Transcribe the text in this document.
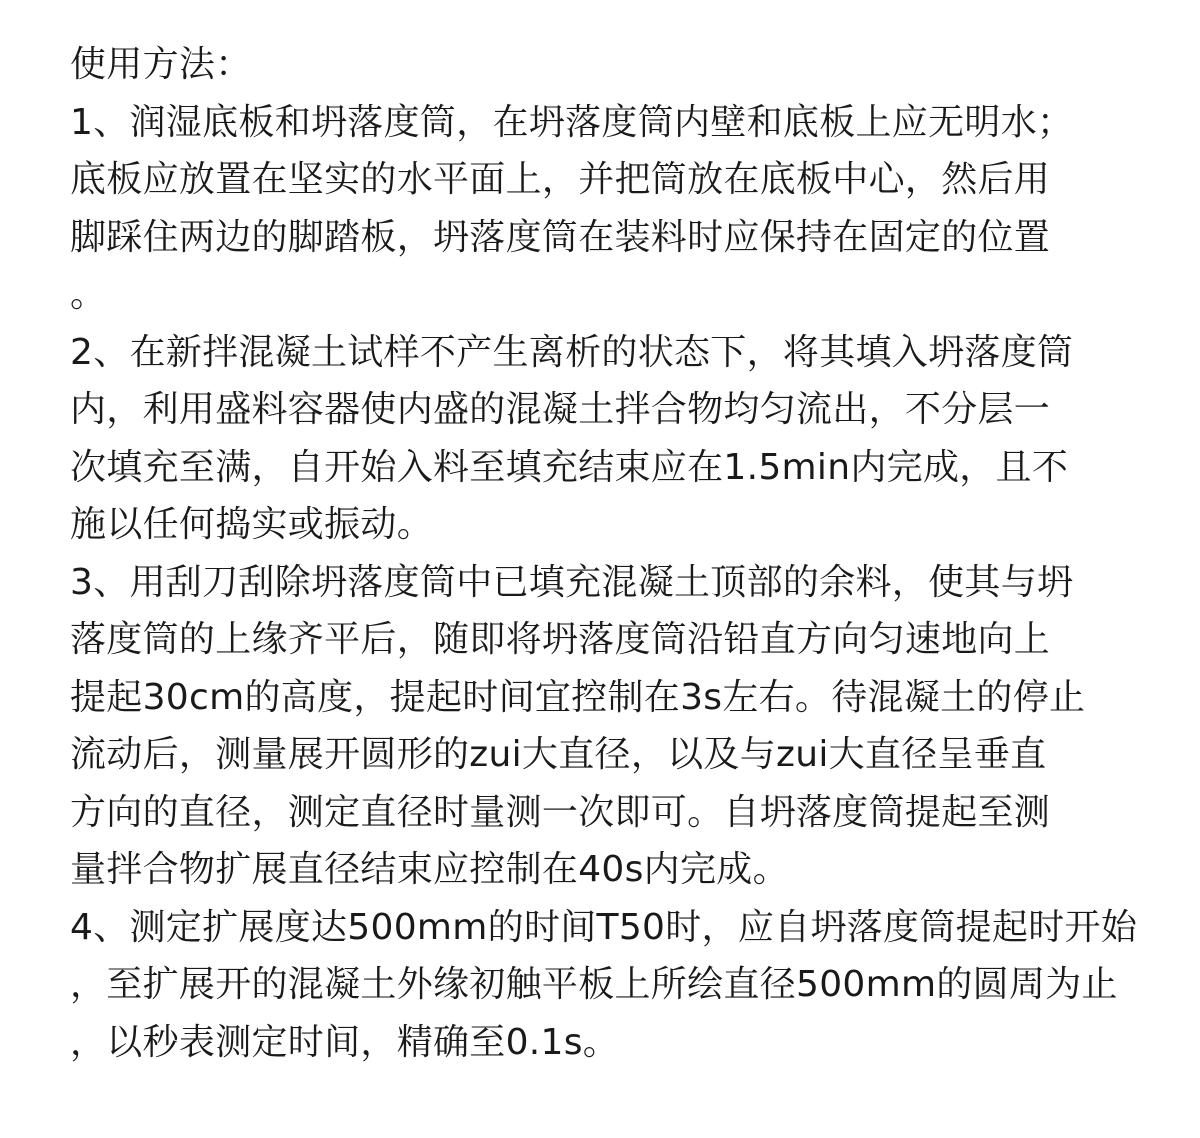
使用方法：
1、润湿底板和坍落度筒，在坍落度筒内壁和底板上应无明水；
底板应放置在坚实的水平面上，并把筒放在底板中心，然后用
脚踩住两边的脚踏板，坍落度筒在装料时应保持在固定的位置
。
2、在新拌混凝土试样不产生离析的状态下，将其填入坍落度筒
内，利用盛料容器使内盛的混凝土拌合物均匀流出，不分层一
次填充至满，自开始入料至填充结束应在1.5min内完成，且不
施以任何捣实或振动。
3、用刮刀刮除坍落度筒中已填充混凝土顶部的余料，使其与坍
落度筒的上缘齐平后，随即将坍落度筒沿铅直方向匀速地向上
提起30cm的高度，提起时间宜控制在3s左右。待混凝土的停止
流动后，测量展开圆形的zui大直径，以及与zui大直径呈垂直
方向的直径，测定直径时量测一次即可。自坍落度筒提起至测
量拌合物扩展直径结束应控制在40s内完成。
4、测定扩展度达500mm的时间T50时，应自坍落度筒提起时开始
，至扩展开的混凝土外缘初触平板上所绘直径500mm的圆周为止
，以秒表测定时间，精确至0.1s。
